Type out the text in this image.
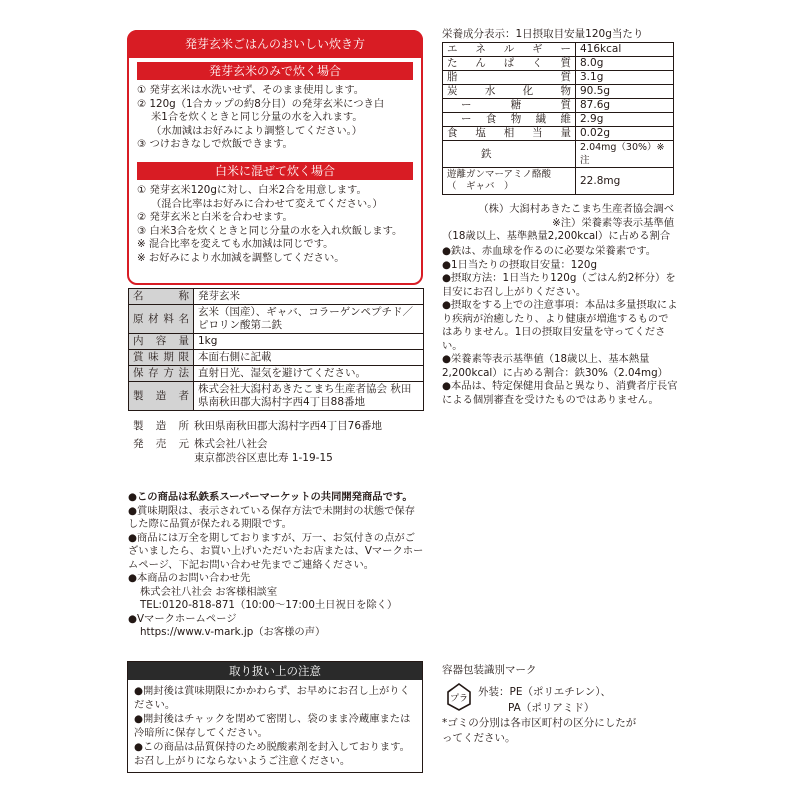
発芽玄米ごはんのおいしい炊き方
発芽玄米のみで炊く場合
① 発芽玄米は水洗いせず、そのまま使用します。
② 120g（1合カップの約8分目）の発芽玄米につき白
米1合を炊くときと同じ分量の水を入れます。
（水加減はお好みにより調整してください。）
③ つけおきなしで炊飯できます。
白米に混ぜて炊く場合
① 発芽玄米120gに対し、白米2合を用意します。
（混合比率はお好みに合わせて変えてください。）
② 発芽玄米と白米を合わせます。
③ 白米3合を炊くときと同じ分量の水を入れ炊飯します。
※ 混合比率を変えても水加減は同じです。
※ お好みにより水加減を調整してください。
名　称	発芽玄米
原材料名	玄米（国産）、ギャバ、コラーゲンペプチド／ピロリン酸第二鉄
内容量	1kg
賞味期限	本面右側に記載
保存方法	直射日光、湿気を避けてください。
製造者	株式会社大潟村あきたこまち生産者協会 秋田県南秋田郡大潟村字西4丁目88番地
製造所 秋田県南秋田郡大潟村字西4丁目76番地
発売元 株式会社八社会
東京都渋谷区恵比寿 1-19-15
●この商品は私鉄系スーパーマーケットの共同開発商品です。
●賞味期限は、表示されている保存方法で未開封の状態で保存した際に品質が保たれる期限です。
●商品には万全を期しておりますが、万一、お気付きの点がございましたら、お買い上げいただいたお店または、Vマークホームページ、下記お問い合わせ先までご連絡ください。
●本商品のお問い合わせ先
株式会社八社会 お客様相談室
TEL:0120-818-871（10:00〜17:00土日祝日を除く）
●Vマークホームページ
https://www.v-mark.jp（お客様の声）
取り扱い上の注意
●開封後は賞味期限にかかわらず、お早めにお召し上がりください。
●開封後はチャックを閉めて密閉し、袋のまま冷蔵庫または冷暗所に保存してください。
●この商品は品質保持のため脱酸素剤を封入しております。お召し上がりにならないようご注意ください。
栄養成分表示：1日摂取目安量120g当たり
エネルギー	416kcal
たんぱく質	8.0g
脂質	3.1g
炭水化物	90.5g
ー糖質	87.6g
ー食物繊維	2.9g
食塩相当量	0.02g
鉄	2.04mg（30%）※注

遊離ガンマーアミノ酪酸
（　ギャバ　）	22.8mg
（株）大潟村あきたこまち生産者協会調べ
※注）栄養素等表示基準値
（18歳以上、基準熱量2,200kcal）に占める割合
●鉄は、赤血球を作るのに必要な栄養素です。
●1日当たりの摂取目安量：120g
●摂取方法：1日当たり120g（ごはん約2杯分）を目安にお召し上がりください。
●摂取をする上での注意事項：本品は多量摂取により疾病が治癒したり、より健康が増進するものではありません。1日の摂取目安量を守ってください。
●栄養素等表示基準値（18歳以上、基本熱量2,200kcal）に占める割合：鉄30%（2.04mg）
●本品は、特定保健用食品と異なり、消費者庁長官による個別審査を受けたものではありません。
容器包装識別マーク
プラ
外装：PE（ポリエチレン）、
PA（ポリアミド）
*ゴミの分別は各市区町村の区分にしたがってください。
